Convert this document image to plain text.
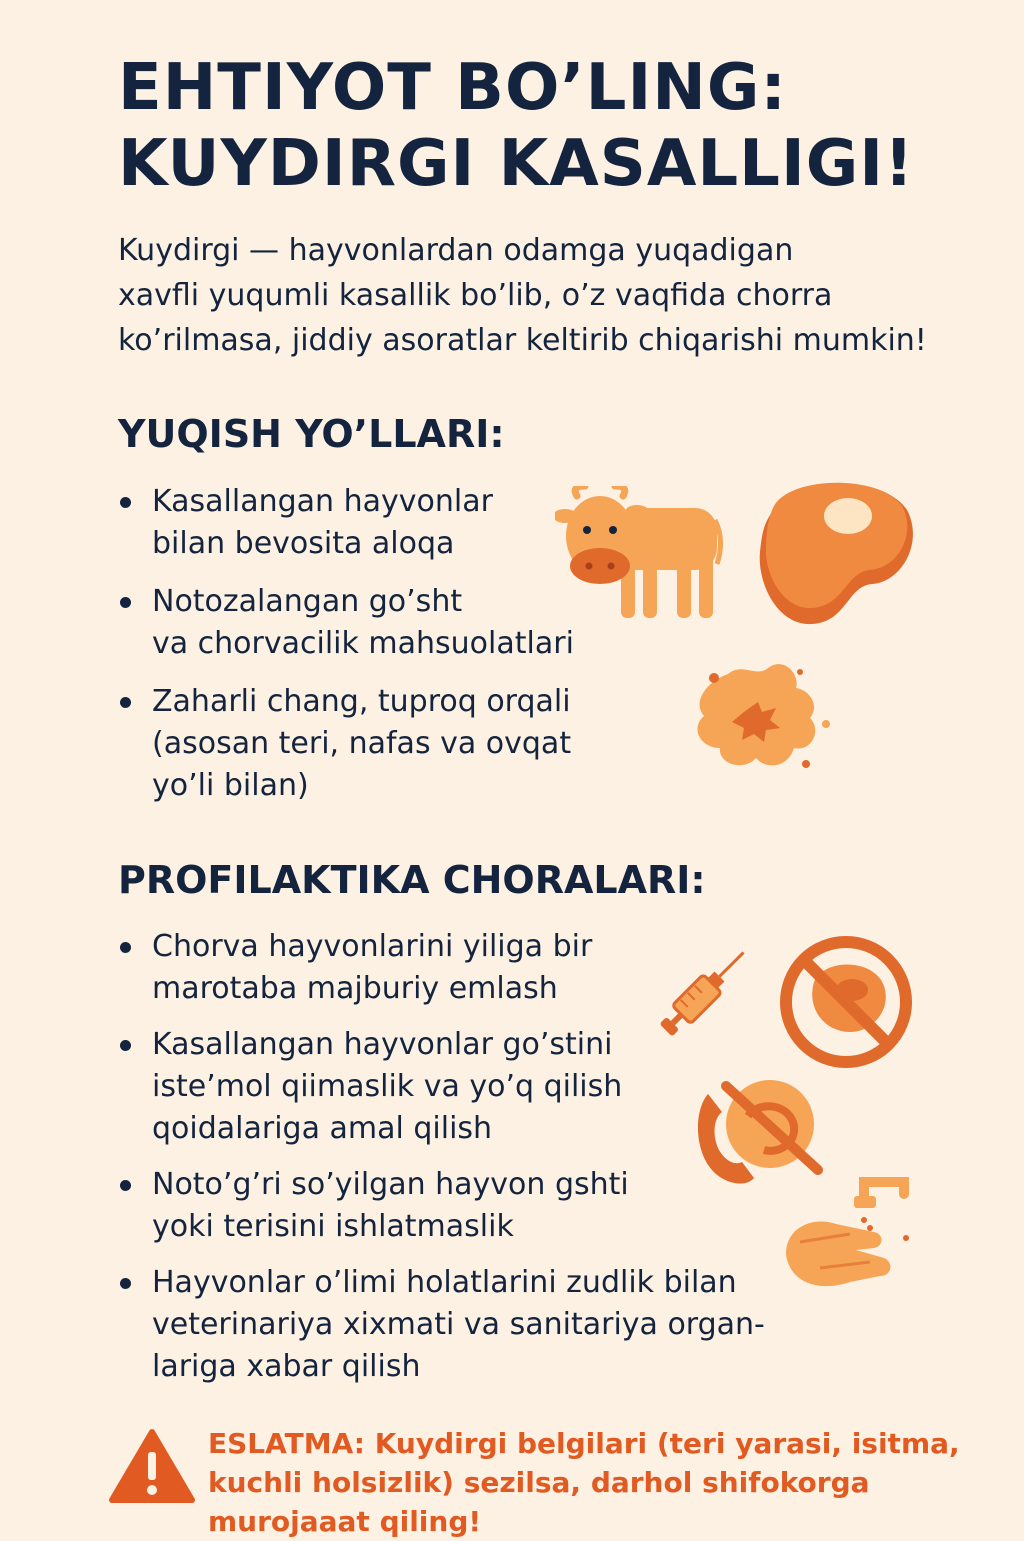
EHTIYOT BO’LING:
KUYDIRGI KASALLIGI!

Kuydirgi — hayvonlardan odamga yuqadigan
xavfli yuqumli kasallik bo’lib, o’z vaqfida chorra
ko’rilmasa, jiddiy asoratlar keltirib chiqarishi mumkin!

YUQISH YO’LLARI:
Kasallangan hayvonlar
bilan bevosita aloqa
Notozalangan go’sht
va chorvacilik mahsuolatlari
Zaharli chang, tuproq orqali
(asosan teri, nafas va ovqat
yo’li bilan)
PROFILAKTIKA CHORALARI:
Chorva hayvonlarini yiliga bir
marotaba majburiy emlash
Kasallangan hayvonlar go’stini
iste’mol qiimaslik va yo’q qilish
qoidalariga amal qilish
Noto’g’ri so’yilgan hayvon gshti
yoki terisini ishlatmaslik
Hayvonlar o’limi holatlarini zudlik bilan
veterinariya xixmati va sanitariya organ-
lariga xabar qilish

ESLATMA: Kuydirgi belgilari (teri yarasi, isitma,
kuchli holsizlik) sezilsa, darhol shifokorga
murojaaat qiling!
